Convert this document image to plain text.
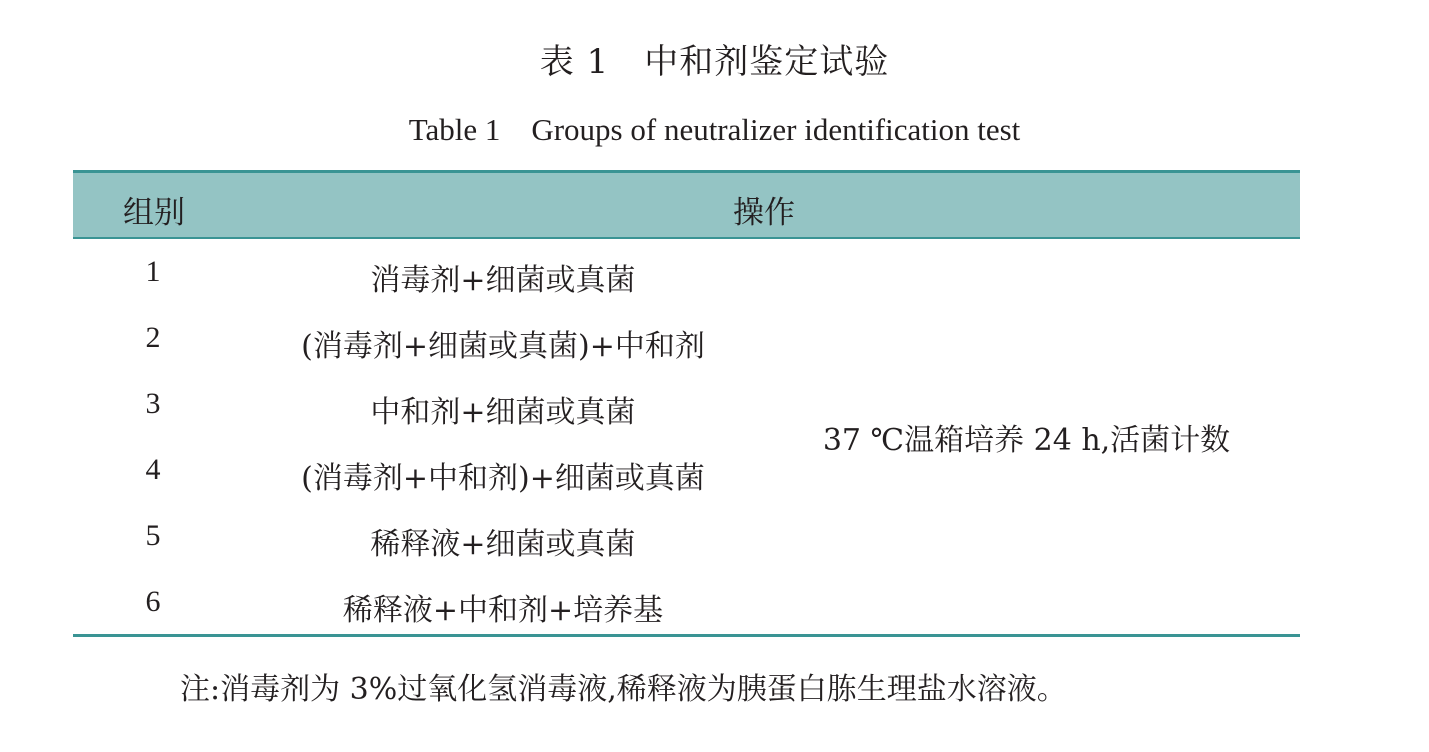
表 1　中和剂鉴定试验
Table 1　Groups of neutralizer identification test
组别	操作
1	消毒剂+细菌或真菌
2	(消毒剂+细菌或真菌)+中和剂
3	中和剂+细菌或真菌
4	(消毒剂+中和剂)+细菌或真菌
5	稀释液+细菌或真菌
6	稀释液+中和剂+培养基
37 ℃温箱培养 24 h,活菌计数
注:消毒剂为 3%过氧化氢消毒液,稀释液为胰蛋白胨生理盐水溶液。
